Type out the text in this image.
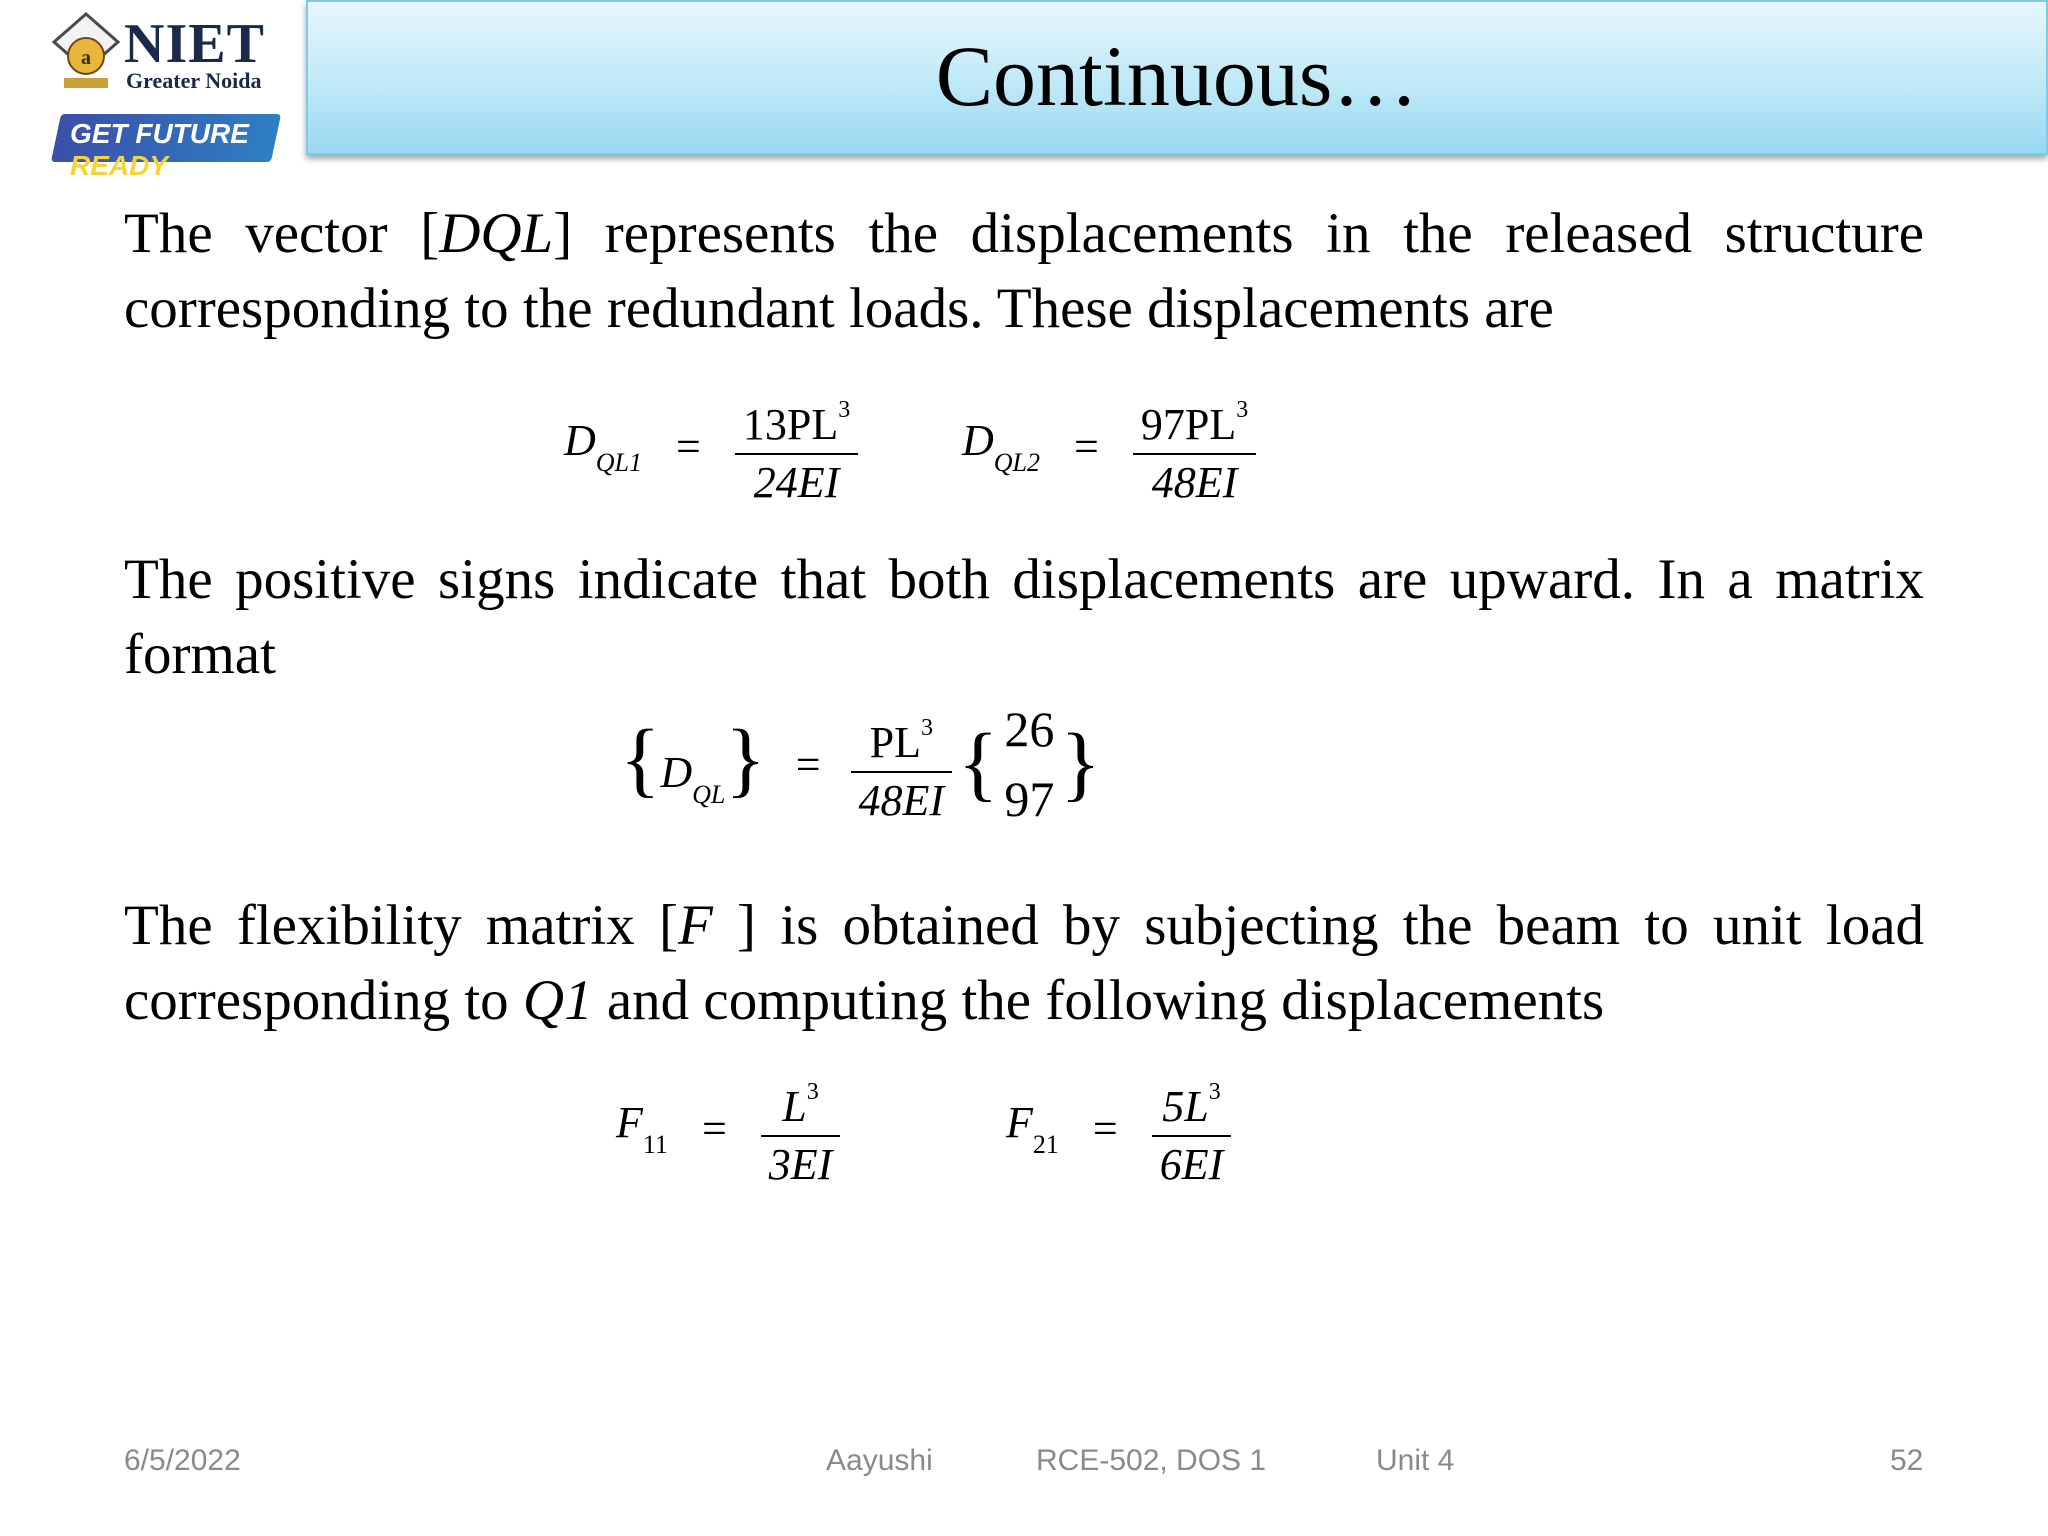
a NIET
Greater Noida
GET FUTURE READY
Continuous…
The vector [DQL] represents the displacements in the released structure corresponding to the redundant loads. These displacements are
$D_{QL1} = \frac{13PL^3}{24EI} D_{QL2} = \frac{97PL^3}{48EI}$
The positive signs indicate that both displacements are upward. In a matrix format
$\{D_{QL}\} = \frac{PL^3}{48EI}$ { 26
97 }
The flexibility matrix [F ] is obtained by subjecting the beam to unit load corresponding to Q1 and computing the following displacements
$F_{11} = \frac{L^3}{3EI}$	$F_{21} = \frac{5L^3}{6EI}$
6/5/2022	Aayushi	RCE-502, DOS 1	Unit 4	52
